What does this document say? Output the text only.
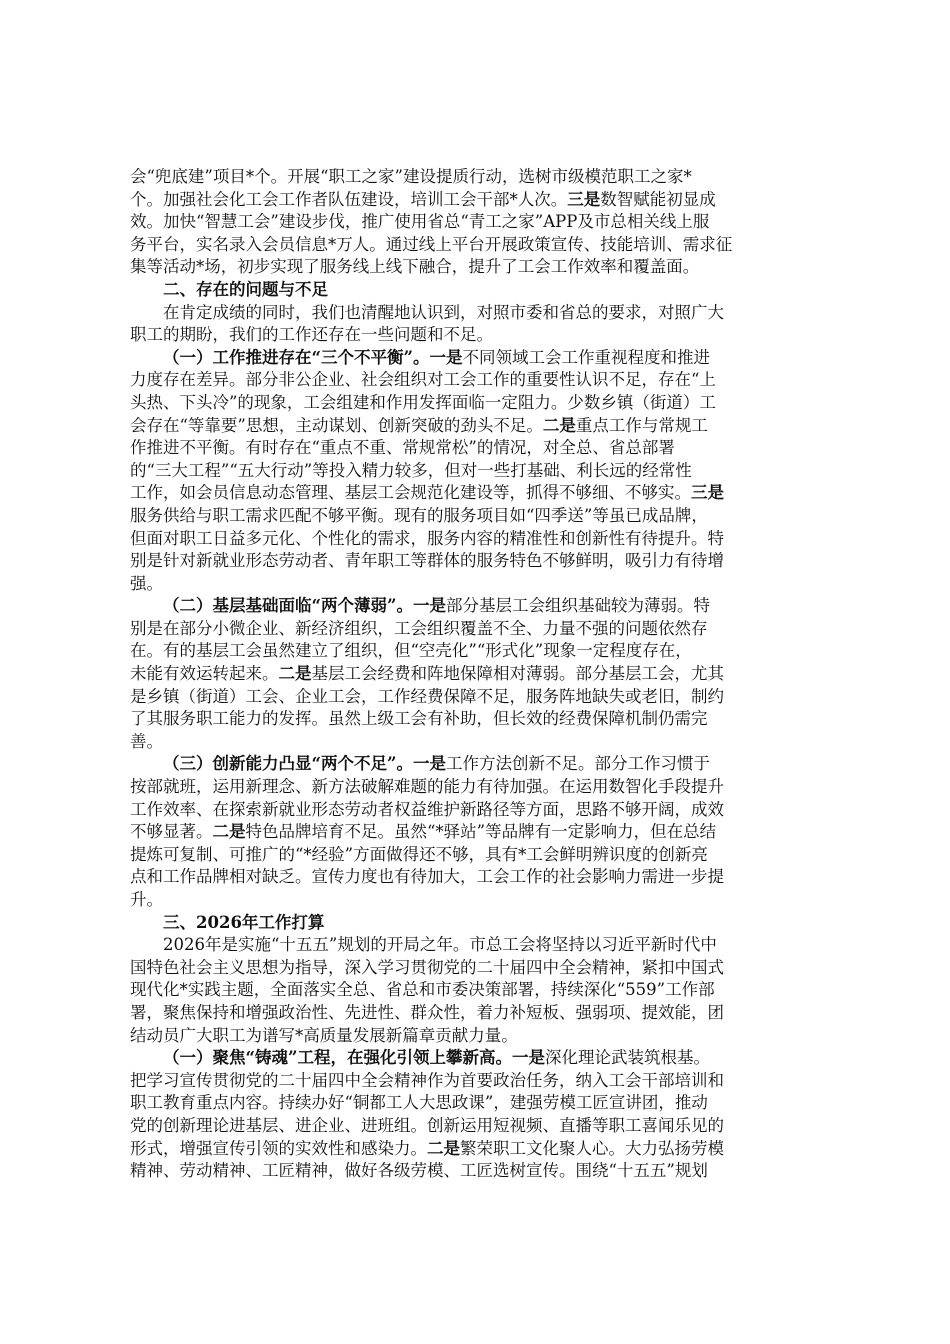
会“兜底建”项目*个。开展“职工之家”建设提质行动，选树市级模范职工之家*
个。加强社会化工会工作者队伍建设，培训工会干部*人次。三是数智赋能初显成
效。加快“智慧工会”建设步伐，推广使用省总“青工之家”APP及市总相关线上服
务平台，实名录入会员信息*万人。通过线上平台开展政策宣传、技能培训、需求征
集等活动*场，初步实现了服务线上线下融合，提升了工会工作效率和覆盖面。
二、存在的问题与不足
在肯定成绩的同时，我们也清醒地认识到，对照市委和省总的要求，对照广大
职工的期盼，我们的工作还存在一些问题和不足。
（一）工作推进存在“三个不平衡”。一是不同领域工会工作重视程度和推进
力度存在差异。部分非公企业、社会组织对工会工作的重要性认识不足，存在“上
头热、下头冷”的现象，工会组建和作用发挥面临一定阻力。少数乡镇（街道）工
会存在“等靠要”思想，主动谋划、创新突破的劲头不足。二是重点工作与常规工
作推进不平衡。有时存在“重点不重、常规常松”的情况，对全总、省总部署
的“三大工程”“五大行动”等投入精力较多，但对一些打基础、利长远的经常性
工作，如会员信息动态管理、基层工会规范化建设等，抓得不够细、不够实。三是
服务供给与职工需求匹配不够平衡。现有的服务项目如“四季送”等虽已成品牌，
但面对职工日益多元化、个性化的需求，服务内容的精准性和创新性有待提升。特
别是针对新就业形态劳动者、青年职工等群体的服务特色不够鲜明，吸引力有待增
强。
（二）基层基础面临“两个薄弱”。一是部分基层工会组织基础较为薄弱。特
别是在部分小微企业、新经济组织，工会组织覆盖不全、力量不强的问题依然存
在。有的基层工会虽然建立了组织，但“空壳化”“形式化”现象一定程度存在，
未能有效运转起来。二是基层工会经费和阵地保障相对薄弱。部分基层工会，尤其
是乡镇（街道）工会、企业工会，工作经费保障不足，服务阵地缺失或老旧，制约
了其服务职工能力的发挥。虽然上级工会有补助，但长效的经费保障机制仍需完
善。
（三）创新能力凸显“两个不足”。一是工作方法创新不足。部分工作习惯于
按部就班，运用新理念、新方法破解难题的能力有待加强。在运用数智化手段提升
工作效率、在探索新就业形态劳动者权益维护新路径等方面，思路不够开阔，成效
不够显著。二是特色品牌培育不足。虽然“*驿站”等品牌有一定影响力，但在总结
提炼可复制、可推广的“*经验”方面做得还不够，具有*工会鲜明辨识度的创新亮
点和工作品牌相对缺乏。宣传力度也有待加大，工会工作的社会影响力需进一步提
升。
三、2026年工作打算
2026年是实施“十五五”规划的开局之年。市总工会将坚持以习近平新时代中
国特色社会主义思想为指导，深入学习贯彻党的二十届四中全会精神，紧扣中国式
现代化*实践主题，全面落实全总、省总和市委决策部署，持续深化“559”工作部
署，聚焦保持和增强政治性、先进性、群众性，着力补短板、强弱项、提效能，团
结动员广大职工为谱写*高质量发展新篇章贡献力量。
（一）聚焦“铸魂”工程，在强化引领上攀新高。一是深化理论武装筑根基。
把学习宣传贯彻党的二十届四中全会精神作为首要政治任务，纳入工会干部培训和
职工教育重点内容。持续办好“铜都工人大思政课”，建强劳模工匠宣讲团，推动
党的创新理论进基层、进企业、进班组。创新运用短视频、直播等职工喜闻乐见的
形式，增强宣传引领的实效性和感染力。二是繁荣职工文化聚人心。大力弘扬劳模
精神、劳动精神、工匠精神，做好各级劳模、工匠选树宣传。围绕“十五五”规划
